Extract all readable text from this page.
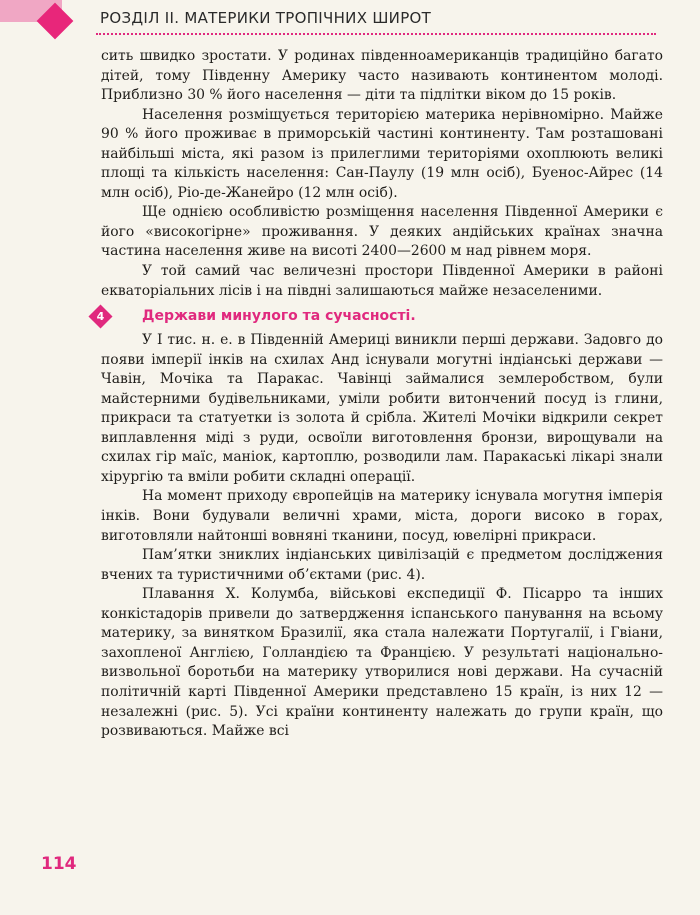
РОЗДІЛ ІІ. МАТЕРИКИ ТРОПІЧНИХ ШИРОТ

сить швидко зростати. У родинах південноамериканців традиційно багато дітей, тому Південну Америку часто називають континентом молоді. Приблизно 30 % його населення — діти та підлітки віком до 15 років.

Населення розміщується територією материка нерівномірно. Майже 90 % його проживає в приморській частині континенту. Там розташовані найбільші міста, які разом із прилеглими територіями охоплюють великі площі та кількість населення: Сан-Паулу (19 млн осіб), Буенос-Айрес (14 млн осіб), Ріо-де-Жанейро (12 млн осіб).

Ще однією особливістю розміщення населення Південної Америки є його «високогірне» проживання. У деяких андійських країнах значна частина населення живе на висоті 2400—2600 м над рівнем моря.

У той самий час величезні простори Південної Америки в районі екваторіальних лісів і на півдні залишаються майже незаселеними.

4	Держави минулого та сучасності.

У І тис. н. е. в Південній Америці виникли перші держави. Задовго до появи імперії інків на схилах Анд існували могутні індіанські держави — Чавін, Мочіка та Паракас. Чавінці займалися землеробством, були майстерними будівельниками, уміли робити витончений посуд із глини, прикраси та статуетки із золота й срібла. Жителі Мочіки відкрили секрет виплавлення міді з руди, освоїли виготовлення бронзи, вирощували на схилах гір маїс, маніок, картоплю, розводили лам. Паракаські лікарі знали хірургію та вміли робити складні операції.

На момент приходу європейців на материку існувала могутня імперія інків. Вони будували величні храми, міста, дороги високо в горах, виготовляли найтонші вовняні тканини, посуд, ювелірні прикраси.

Пам’ятки зниклих індіанських цивілізацій є предметом досліджения вчених та туристичними об’єктами (рис. 4).

Плавання Х. Колумба, військові експедиції Ф. Пісарро та інших конкістадорів привели до затвердження іспанського панування на всьому материку, за винятком Бразилії, яка стала належати Португалії, і Гвіани, захопленої Англією, Голландією та Францією. У результаті національно-визвольної боротьби на материку утворилися нові держави. На сучасній політичній карті Південної Америки представлено 15 країн, із них 12 — незалежні (рис. 5). Усі країни континенту належать до групи країн, що розвиваються. Майже всі

114
